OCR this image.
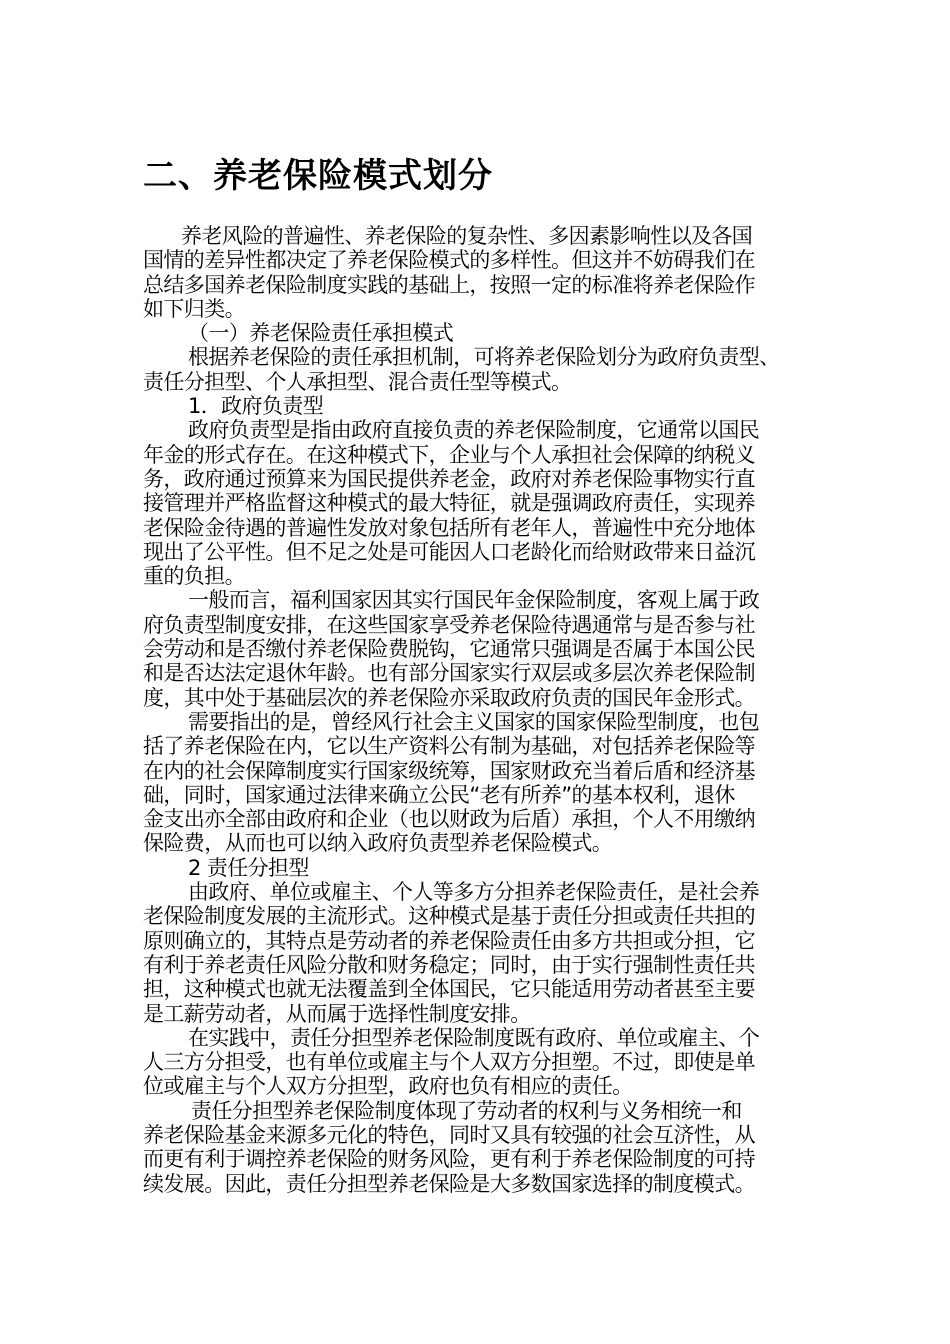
二、养老保险模式划分

养老风险的普遍性、养老保险的复杂性、多因素影响性以及各国

国情的差异性都决定了养老保险模式的多样性。但这并不妨碍我们在

总结多国养老保险制度实践的基础上，按照一定的标准将养老保险作

如下归类。

（一）养老保险责任承担模式

根据养老保险的责任承担机制，可将养老保险划分为政府负责型、

责任分担型、个人承担型、混合责任型等模式。

1．政府负责型

政府负责型是指由政府直接负责的养老保险制度，它通常以国民

年金的形式存在。在这种模式下，企业与个人承担社会保障的纳税义

务，政府通过预算来为国民提供养老金，政府对养老保险事物实行直

接管理并严格监督这种模式的最大特征，就是强调政府责任，实现养

老保险金待遇的普遍性发放对象包括所有老年人，普遍性中充分地体

现出了公平性。但不足之处是可能因人口老龄化而给财政带来日益沉

重的负担。

一般而言，福利国家因其实行国民年金保险制度，客观上属于政

府负责型制度安排，在这些国家享受养老保险待遇通常与是否参与社

会劳动和是否缴付养老保险费脱钩，它通常只强调是否属于本国公民

和是否达法定退休年龄。也有部分国家实行双层或多层次养老保险制

度，其中处于基础层次的养老保险亦采取政府负责的国民年金形式。

需要指出的是，曾经风行社会主义国家的国家保险型制度，也包

括了养老保险在内，它以生产资料公有制为基础，对包括养老保险等

在内的社会保障制度实行国家级统筹，国家财政充当着后盾和经济基

础，同时，国家通过法律来确立公民“老有所养”的基本权利，退休

金支出亦全部由政府和企业（也以财政为后盾）承担，个人不用缴纳

保险费，从而也可以纳入政府负责型养老保险模式。

2 责任分担型

由政府、单位或雇主、个人等多方分担养老保险责任，是社会养

老保险制度发展的主流形式。这种模式是基于责任分担或责任共担的

原则确立的，其特点是劳动者的养老保险责任由多方共担或分担，它

有利于养老责任风险分散和财务稳定；同时，由于实行强制性责任共

担，这种模式也就无法覆盖到全体国民，它只能适用劳动者甚至主要

是工薪劳动者，从而属于选择性制度安排。

在实践中，责任分担型养老保险制度既有政府、单位或雇主、个

人三方分担受，也有单位或雇主与个人双方分担塑。不过，即使是单

位或雇主与个人双方分担型，政府也负有相应的责任。

责任分担型养老保险制度体现了劳动者的权利与义务相统一和

养老保险基金来源多元化的特色，同时又具有较强的社会互济性，从

而更有利于调控养老保险的财务风险，更有利于养老保险制度的可持

续发展。因此，责任分担型养老保险是大多数国家选择的制度模式。
